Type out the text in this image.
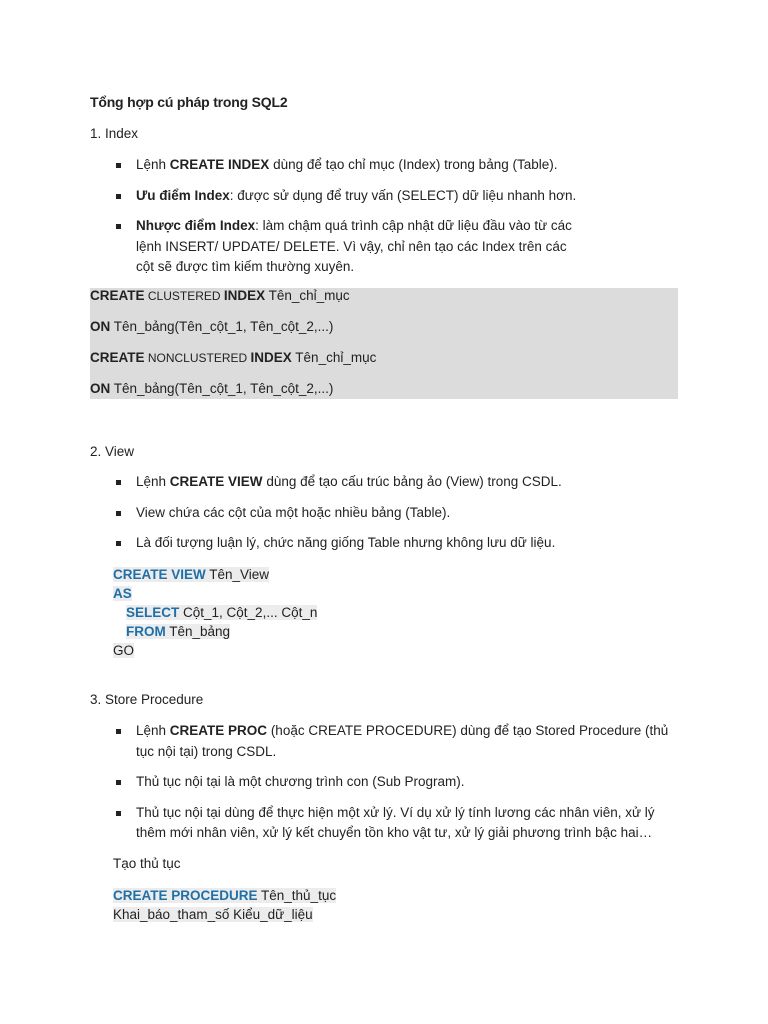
Tổng hợp cú pháp trong SQL2
1. Index
Lệnh CREATE INDEX dùng để tạo chỉ mục (Index) trong bảng (Table).
Ưu điểm Index: được sử dụng để truy vấn (SELECT) dữ liệu nhanh hơn.
Nhược điểm Index: làm chậm quá trình cập nhật dữ liệu đầu vào từ các lệnh INSERT/ UPDATE/ DELETE. Vì vậy, chỉ nên tạo các Index trên các cột sẽ được tìm kiếm thường xuyên.
CREATE CLUSTERED INDEX Tên_chỉ_mục
ON Tên_bảng(Tên_cột_1, Tên_cột_2,...)
CREATE NONCLUSTERED INDEX Tên_chỉ_mục
ON Tên_bảng(Tên_cột_1, Tên_cột_2,...)
2. View
Lệnh CREATE VIEW dùng để tạo cấu trúc bảng ảo (View) trong CSDL.
View chứa các cột của một hoặc nhiều bảng (Table).
Là đối tượng luận lý, chức năng giống Table nhưng không lưu dữ liệu.
CREATE VIEW Tên_View
AS
SELECT Cột_1, Cột_2,... Cột_n
FROM Tên_bảng
GO
3. Store Procedure
Lệnh CREATE PROC (hoặc CREATE PROCEDURE) dùng để tạo Stored Procedure (thủ tục nội tại) trong CSDL.
Thủ tục nội tại là một chương trình con (Sub Program).
Thủ tục nội tại dùng để thực hiện một xử lý. Ví dụ xử lý tính lương các nhân viên, xử lý thêm mới nhân viên, xử lý kết chuyển tồn kho vật tư, xử lý giải phương trình bậc hai…
Tạo thủ tục
CREATE PROCEDURE Tên_thủ_tục
Khai_báo_tham_số Kiểu_dữ_liệu
